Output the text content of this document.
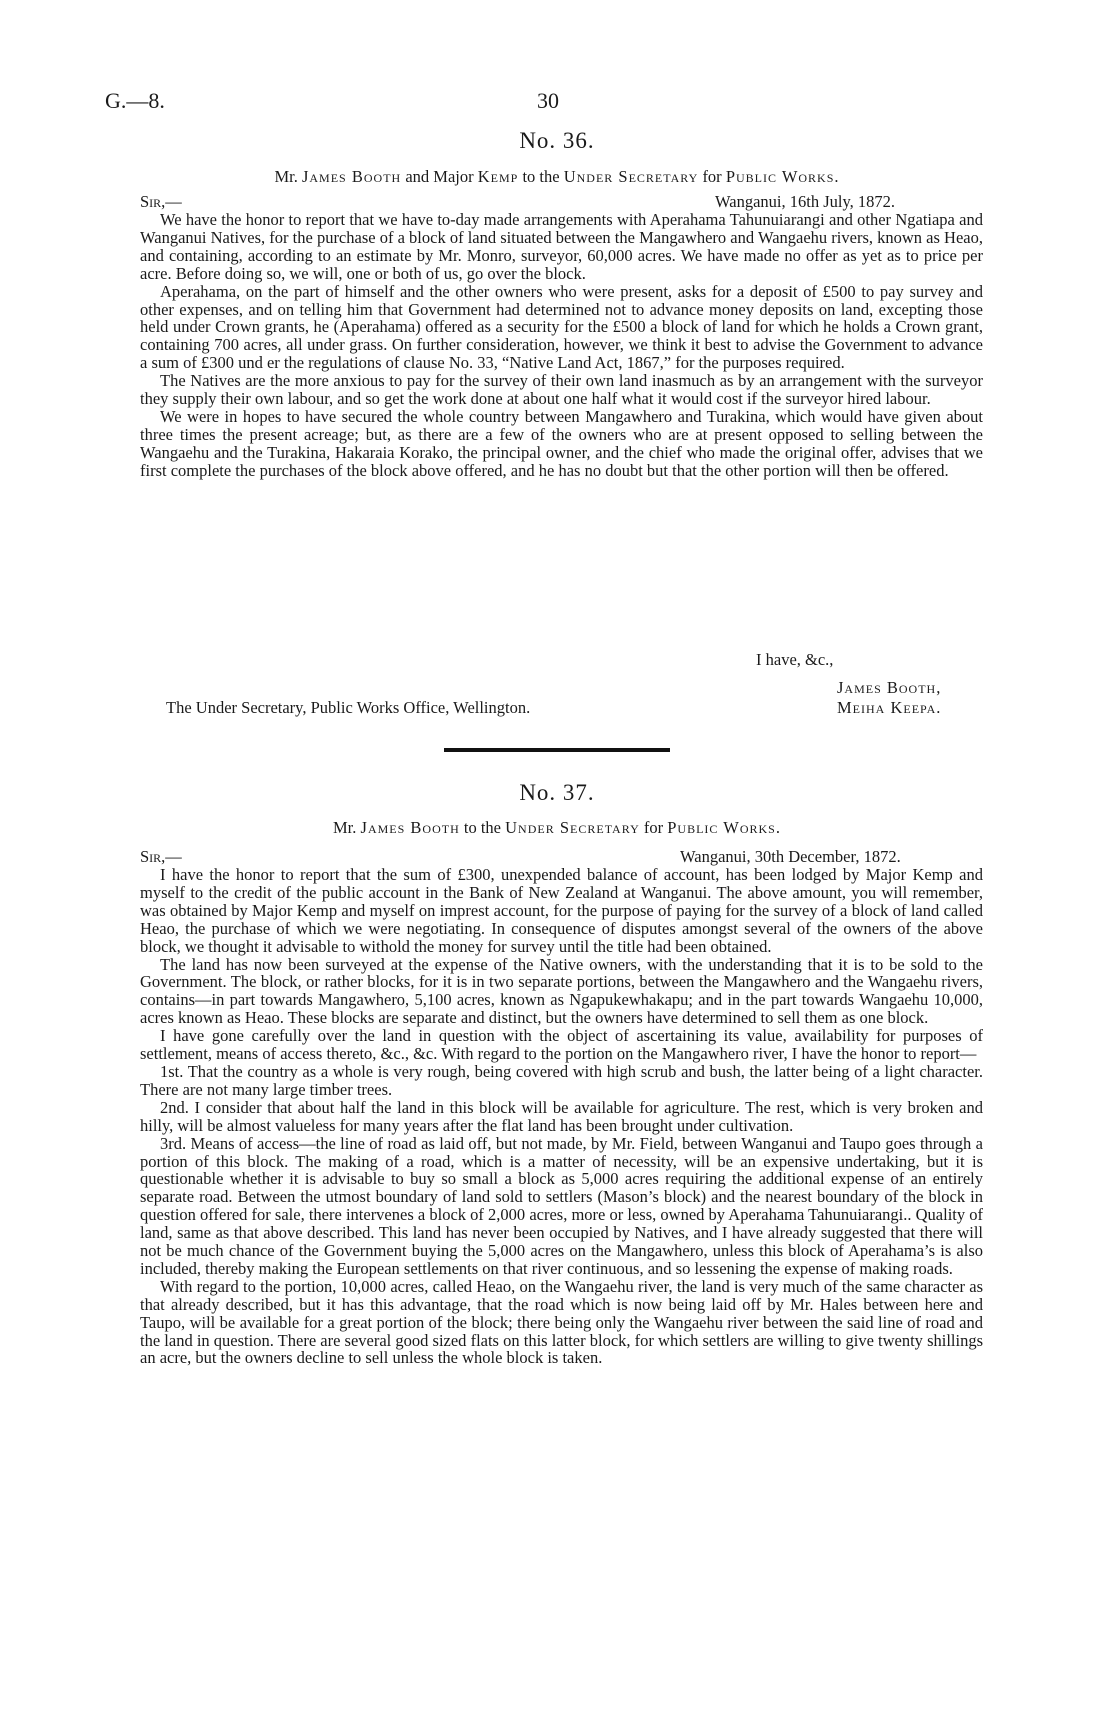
G.—8.	30
No. 36.
Mr. James Booth and Major Kemp to the Under Secretary for Public Works.
Sir,—	Wanganui, 16th July, 1872.

We have the honor to report that we have to-day made arrangements with Aperahama Tahunuiarangi and other Ngatiapa and Wanganui Natives, for the purchase of a block of land situated between the Mangawhero and Wangaehu rivers, known as Heao, and containing, according to an estimate by Mr. Monro, surveyor, 60,000 acres. We have made no offer as yet as to price per acre. Before doing so, we will, one or both of us, go over the block.

Aperahama, on the part of himself and the other owners who were present, asks for a deposit of £500 to pay survey and other expenses, and on telling him that Government had determined not to advance money deposits on land, excepting those held under Crown grants, he (Aperahama) offered as a security for the £500 a block of land for which he holds a Crown grant, containing 700 acres, all under grass. On further consideration, however, we think it best to advise the Government to advance a sum of £300 und er the regulations of clause No. 33, “Native Land Act, 1867,” for the purposes required.

The Natives are the more anxious to pay for the survey of their own land inasmuch as by an arrangement with the surveyor they supply their own labour, and so get the work done at about one half what it would cost if the surveyor hired labour.

We were in hopes to have secured the whole country between Mangawhero and Turakina, which would have given about three times the present acreage; but, as there are a few of the owners who are at present opposed to selling between the Wangaehu and the Turakina, Hakaraia Korako, the principal owner, and the chief who made the original offer, advises that we first complete the purchases of the block above offered, and he has no doubt but that the other portion will then be offered.

I have, &c.,
James Booth,
The Under Secretary, Public Works Office, Wellington.	Meiha Keepa.
No. 37.
Mr. James Booth to the Under Secretary for Public Works.
Sir,—	Wanganui, 30th December, 1872.

I have the honor to report that the sum of £300, unexpended balance of account, has been lodged by Major Kemp and myself to the credit of the public account in the Bank of New Zealand at Wanganui. The above amount, you will remember, was obtained by Major Kemp and myself on imprest account, for the purpose of paying for the survey of a block of land called Heao, the purchase of which we were negotiating. In consequence of disputes amongst several of the owners of the above block, we thought it advisable to withold the money for survey until the title had been obtained.

The land has now been surveyed at the expense of the Native owners, with the understanding that it is to be sold to the Government. The block, or rather blocks, for it is in two separate portions, between the Mangawhero and the Wangaehu rivers, contains—in part towards Mangawhero, 5,100 acres, known as Ngapukewhakapu; and in the part towards Wangaehu 10,000, acres known as Heao. These blocks are separate and distinct, but the owners have determined to sell them as one block.

I have gone carefully over the land in question with the object of ascertaining its value, availability for purposes of settlement, means of access thereto, &c., &c. With regard to the portion on the Mangawhero river, I have the honor to report—

1st. That the country as a whole is very rough, being covered with high scrub and bush, the latter being of a light character. There are not many large timber trees.

2nd. I consider that about half the land in this block will be available for agriculture. The rest, which is very broken and hilly, will be almost valueless for many years after the flat land has been brought under cultivation.

3rd. Means of access—the line of road as laid off, but not made, by Mr. Field, between Wanganui and Taupo goes through a portion of this block. The making of a road, which is a matter of necessity, will be an expensive undertaking, but it is questionable whether it is advisable to buy so small a block as 5,000 acres requiring the additional expense of an entirely separate road. Between the utmost boundary of land sold to settlers (Mason’s block) and the nearest boundary of the block in question offered for sale, there intervenes a block of 2,000 acres, more or less, owned by Aperahama Tahunuiarangi.. Quality of land, same as that above described. This land has never been occupied by Natives, and I have already suggested that there will not be much chance of the Government buying the 5,000 acres on the Mangawhero, unless this block of Aperahama’s is also included, thereby making the European settlements on that river continuous, and so lessening the expense of making roads.

With regard to the portion, 10,000 acres, called Heao, on the Wangaehu river, the land is very much of the same character as that already described, but it has this advantage, that the road which is now being laid off by Mr. Hales between here and Taupo, will be available for a great portion of the block; there being only the Wangaehu river between the said line of road and the land in question. There are several good sized flats on this latter block, for which settlers are willing to give twenty shillings an acre, but the owners decline to sell unless the whole block is taken.
